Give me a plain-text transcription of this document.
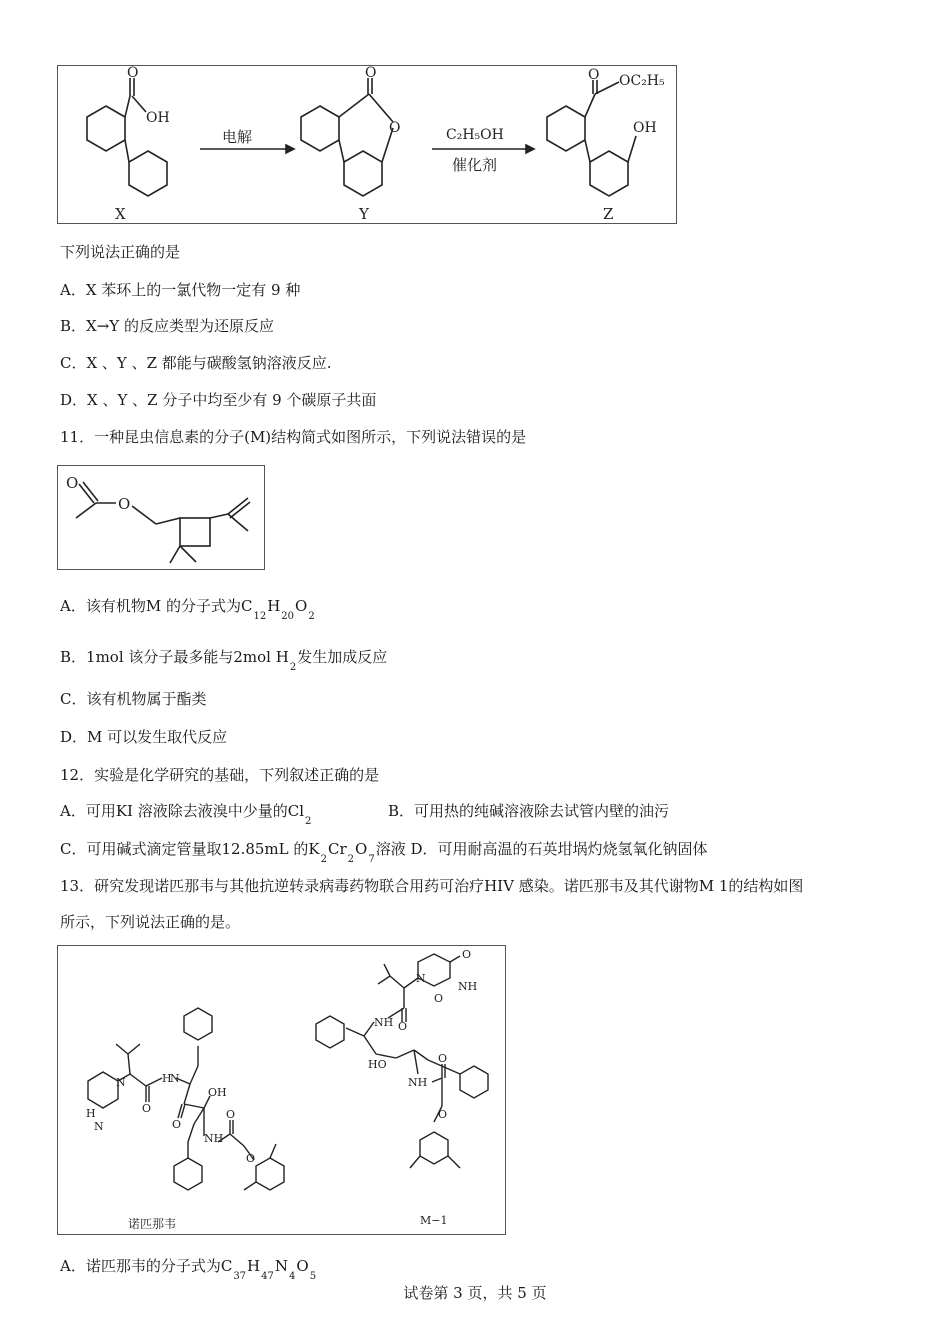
O
OH
X
电解
O
O
Y
C₂H₅OH
催化剂
O OC₂H₅
OH
Z
下列说法正确的是
A．X 苯环上的一氯代物一定有 9 种
B．X→Y 的反应类型为还原反应
C．X 、Y 、Z 都能与碳酸氢钠溶液反应.
D．X 、Y 、Z 分子中均至少有 9 个碳原子共面
11．一种昆虫信息素的分子(M)结构简式如图所示，下列说法错误的是
O
O
A．该有机物M 的分子式为$C_{12}H_{20}O_2$
B．1mol 该分子最多能与2mol $H_2$发生加成反应
C．该有机物属于酯类
D．M 可以发生取代反应
12．实验是化学研究的基础，下列叙述正确的是
A．可用KI 溶液除去液溴中少量的$Cl_2$
B．可用热的纯碱溶液除去试管内壁的油污
C．可用碱式滴定管量取12.85mL 的$K_2Cr_2O_7$溶液 D．可用耐高温的石英坩埚灼烧氢氧化钠固体
13．研究发现诺匹那韦与其他抗逆转录病毒药物联合用药可治疗HIV 感染。诺匹那韦及其代谢物M 1的结构如图
所示，下列说法正确的是。
N
N
H
H
N
O
O
OH
NH
O
O
诺匹那韦
N
NH
O
O
NH O
HO
NH
O
O
M−1
A．诺匹那韦的分子式为$C_{37}H_{47}N_4O_5$
试卷第 3 页，共 5 页
